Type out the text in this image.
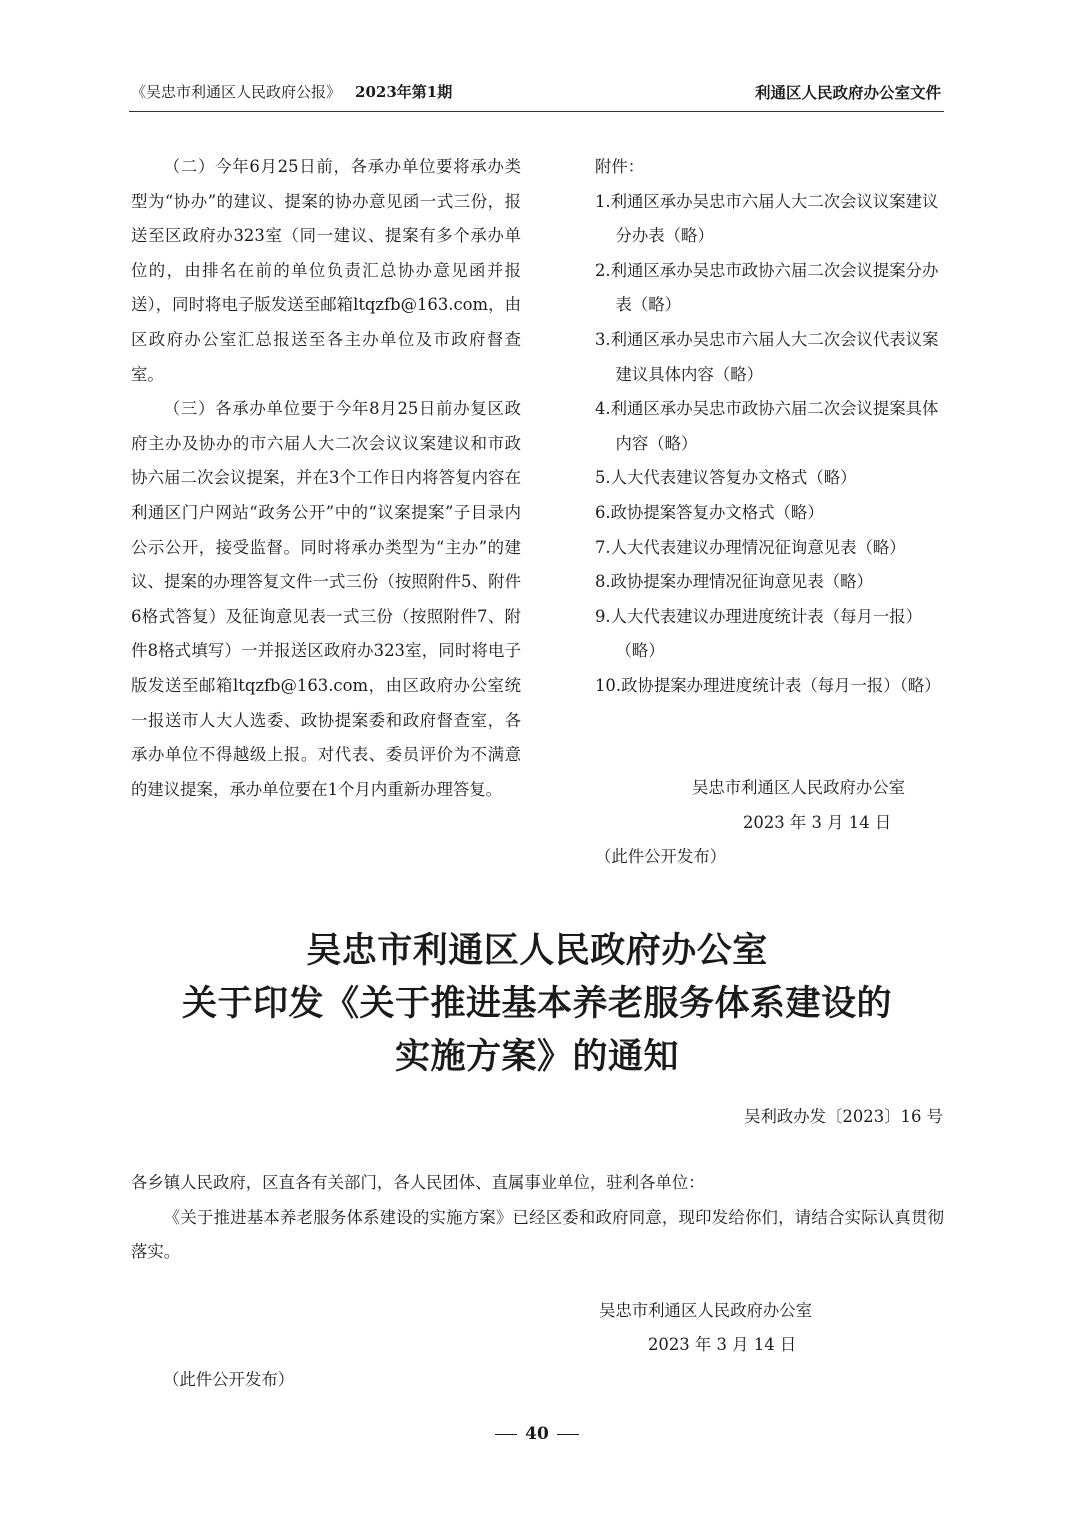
《吴忠市利通区人民政府公报》 2023年第1期	利通区人民政府办公室文件

（二）今年6月25日前，各承办单位要将承办类型为“协办”的建议、提案的协办意见函一式三份，报送至区政府办323室（同一建议、提案有多个承办单位的，由排名在前的单位负责汇总协办意见函并报送），同时将电子版发送至邮箱ltqzfb@163.com，由区政府办公室汇总报送至各主办单位及市政府督查室。

（三）各承办单位要于今年8月25日前办复区政府主办及协办的市六届人大二次会议议案建议和市政协六届二次会议提案，并在3个工作日内将答复内容在利通区门户网站“政务公开”中的“议案提案”子目录内公示公开，接受监督。同时将承办类型为“主办”的建议、提案的办理答复文件一式三份（按照附件5、附件6格式答复）及征询意见表一式三份（按照附件7、附件8格式填写）一并报送区政府办323室，同时将电子版发送至邮箱ltqzfb@163.com，由区政府办公室统一报送市人大人选委、政协提案委和政府督查室，各承办单位不得越级上报。对代表、委员评价为不满意的建议提案，承办单位要在1个月内重新办理答复。

附件：

1.利通区承办吴忠市六届人大二次会议议案建议分办表（略）
2.利通区承办吴忠市政协六届二次会议提案分办表（略）
3.利通区承办吴忠市六届人大二次会议代表议案建议具体内容（略）
4.利通区承办吴忠市政协六届二次会议提案具体内容（略）
5.人大代表建议答复办文格式（略）
6.政协提案答复办文格式（略）
7.人大代表建议办理情况征询意见表（略）
8.政协提案办理情况征询意见表（略）
9.人大代表建议办理进度统计表（每月一报）（略）
10.政协提案办理进度统计表（每月一报）（略）
吴忠市利通区人民政府办公室
2023 年 3 月 14 日
（此件公开发布）
吴忠市利通区人民政府办公室
关于印发《关于推进基本养老服务体系建设的
实施方案》的通知
吴利政办发〔2023〕16 号

各乡镇人民政府，区直各有关部门，各人民团体、直属事业单位，驻利各单位：

《关于推进基本养老服务体系建设的实施方案》已经区委和政府同意，现印发给你们，请结合实际认真贯彻落实。

吴忠市利通区人民政府办公室
2023 年 3 月 14 日
（此件公开发布）
40
